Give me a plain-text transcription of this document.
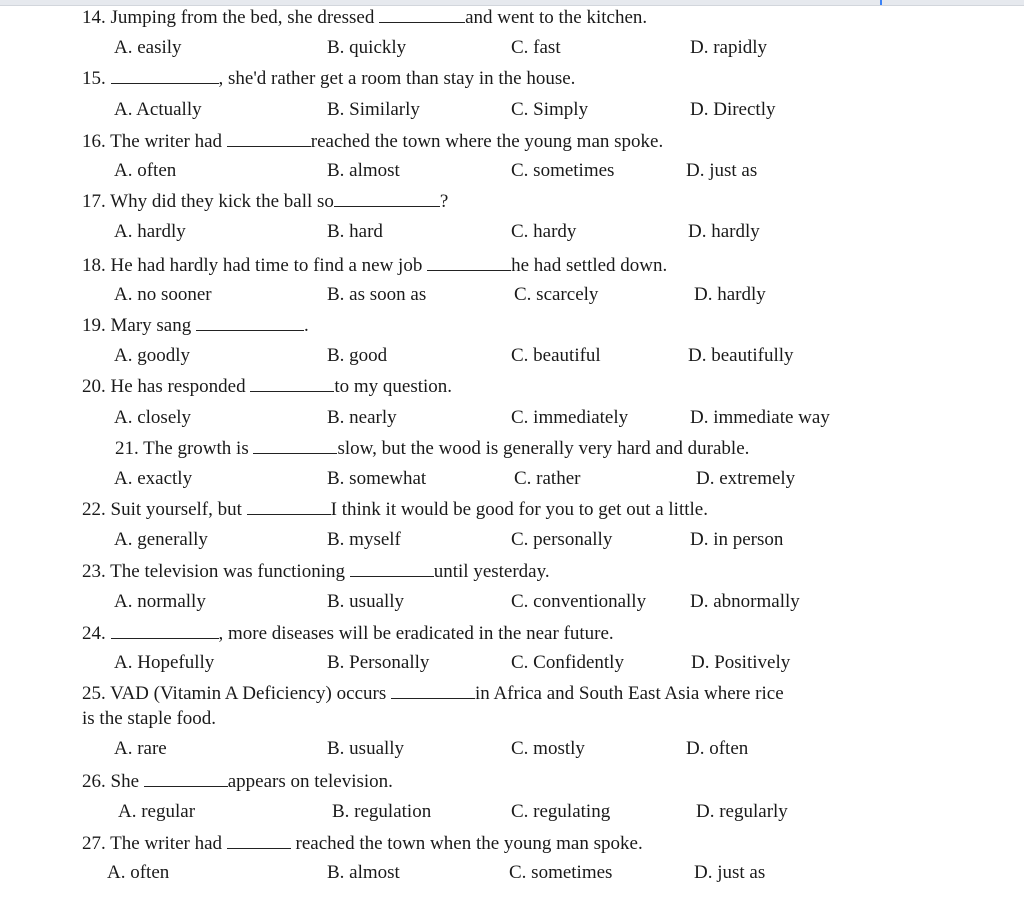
14. Jumping from the bed, she dressed	and went to the kitchen.
A. easily	B. quickly	C. fast	D. rapidly
15.	, she'd rather get a room than stay in the house.
A. Actually	B. Similarly	C. Simply	D. Directly
16. The writer had	reached the town where the young man spoke.
A. often	B. almost	C. sometimes	D. just as
17. Why did they kick the ball so	?
A. hardly	B. hard	C. hardy	D. hardly
18. He had hardly had time to find a new job	he had settled down.
A. no sooner	B. as soon as	C. scarcely	D. hardly
19. Mary sang	.
A. goodly	B. good	C. beautiful	D. beautifully
20. He has responded	to my question.
A. closely	B. nearly	C. immediately	D. immediate way
21. The growth is	slow, but the wood is generally very hard and durable.
A. exactly	B. somewhat	C. rather	D. extremely
22. Suit yourself, but	I think it would be good for you to get out a little.
A. generally	B. myself	C. personally	D. in person
23. The television was functioning	until yesterday.
A. normally	B. usually	C. conventionally D. abnormally
24.	, more diseases will be eradicated in the near future.
A. Hopefully	B. Personally	C. Confidently	D. Positively
25. VAD (Vitamin A Deficiency) occurs	in Africa and South East Asia where rice
is the staple food.
A. rare	B. usually	C. mostly	D. often
26. She	appears on television.
A. regular	B. regulation	C. regulating	D. regularly
27. The writer had	reached the town when the young man spoke.
A. often	B. almost	C. sometimes	D. just as
